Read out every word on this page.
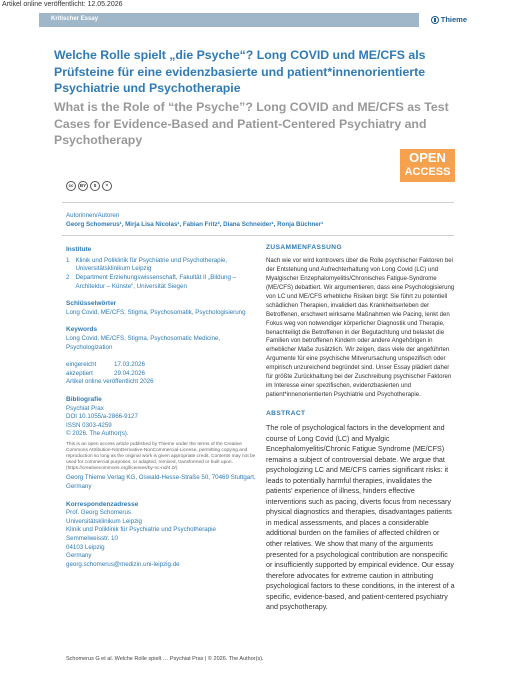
Artikel online veröffentlicht: 12.05.2026
Kritischer Essay	Thieme
Welche Rolle spielt „die Psyche“? Long COVID und ME/CFS als Prüfsteine für eine evidenzbasierte und patient*innenorientierte Psychiatrie und Psychotherapie
What is the Role of “the Psyche”? Long COVID and ME/CFS as Test Cases for Evidence-Based and Patient-Centered Psychiatry and Psychotherapy
OPEN
ACCESS
cc	BY	$	=
Autorinnen/Autoren
Georg Schomerus¹, Mirja Lisa Nicolas¹, Fabian Fritz², Diana Schneider¹, Ronja Büchner¹
Institute
1 Klinik und Poliklinik für Psychiatrie und Psychotherapie, Universitätsklinikum Leipzig
2 Department Erziehungswissenschaft, Fakultät II „Bildung – Architektur – Künste“, Universität Siegen
Schlüsselwörter
Long Covid, ME/CFS, Stigma, Psychosomatik, Psychologisierung
Keywords
Long Covid, ME/CFS, Stigma, Psychosomatic Medicine, Psychologization
eingereicht	17.03.2026
akzeptiert	29.04.2026
Artikel online veröffentlicht 2026
Bibliografie
Psychiat Prax
DOI 10.1055/a-2866-9127
ISSN 0303-4259
© 2026. The Author(s).
This is an open access article published by Thieme under the terms of the Creative Commons Attribution-NonDerivative-NonCommercial-License, permitting copying and reproduction so long as the original work is given appropriate credit. Contents may not be used for commercial purposes, or adapted, remixed, transformed or built upon. (https://creativecommons.org/licenses/by-nc-nd/4.0/)
Georg Thieme Verlag KG, Oswald-Hesse-Straße 50, 70469 Stuttgart, Germany
Korrespondenzadresse
Prof. Georg Schomerus
Universitätsklinikum Leipzig
Klinik und Poliklinik für Psychiatrie und Psychotherapie
Semmelweisstr. 10
04103 Leipzig
Germany
georg.schomerus@medizin.uni-leipzig.de
ZUSAMMENFASSUNG
Nach wie vor wird kontrovers über die Rolle psychischer Faktoren bei der Entstehung und Aufrechterhaltung von Long Covid (LC) und Myalgischer Enzephalomyelitis/Chronisches Fatigue-Syndrome (ME/CFS) debattiert. Wir argumentieren, dass eine Psychologisierung von LC und ME/CFS erhebliche Risiken birgt: Sie führt zu potentiell schädlichen Therapien, invalidiert das Krankheitserleben der Betroffenen, erschwert wirksame Maßnahmen wie Pacing, lenkt den Fokus weg von notwendiger körperlicher Diagnostik und Therapie, benachteiligt die Betroffenen in der Begutachtung und belastet die Familien von betroffenen Kindern oder andere Angehörigen in erheblicher Maße zusätzlich. Wir zeigen, dass viele der angeführten Argumente für eine psychische Mitverursachung unspezifisch oder empirisch unzureichend begründet sind. Unser Essay plädiert daher für größte Zurückhaltung bei der Zuschreibung psychischer Faktoren im Interesse einer spezifischen, evidenzbasierten und patient*innenorientierten Psychiatrie und Psychotherapie.
ABSTRACT
The role of psychological factors in the development and course of Long Covid (LC) and Myalgic Encephalomyelitis/Chronic Fatigue Syndrome (ME/CFS) remains a subject of controversial debate. We argue that psychologizing LC and ME/CFS carries significant risks: it leads to potentially harmful therapies, invalidates the patients’ experience of illness, hinders effective interventions such as pacing, diverts focus from necessary physical diagnostics and therapies, disadvantages patients in medical assessments, and places a considerable additional burden on the families of affected children or other relatives. We show that many of the arguments presented for a psychological contribution are nonspecific or insufficiently supported by empirical evidence. Our essay therefore advocates for extreme caution in attributing psychological factors to these conditions, in the interest of a specific, evidence-based, and patient-centered psychiatry and psychotherapy.
Schomerus G et al. Welche Rolle spielt … Psychiat Prax | © 2026. The Author(s).
